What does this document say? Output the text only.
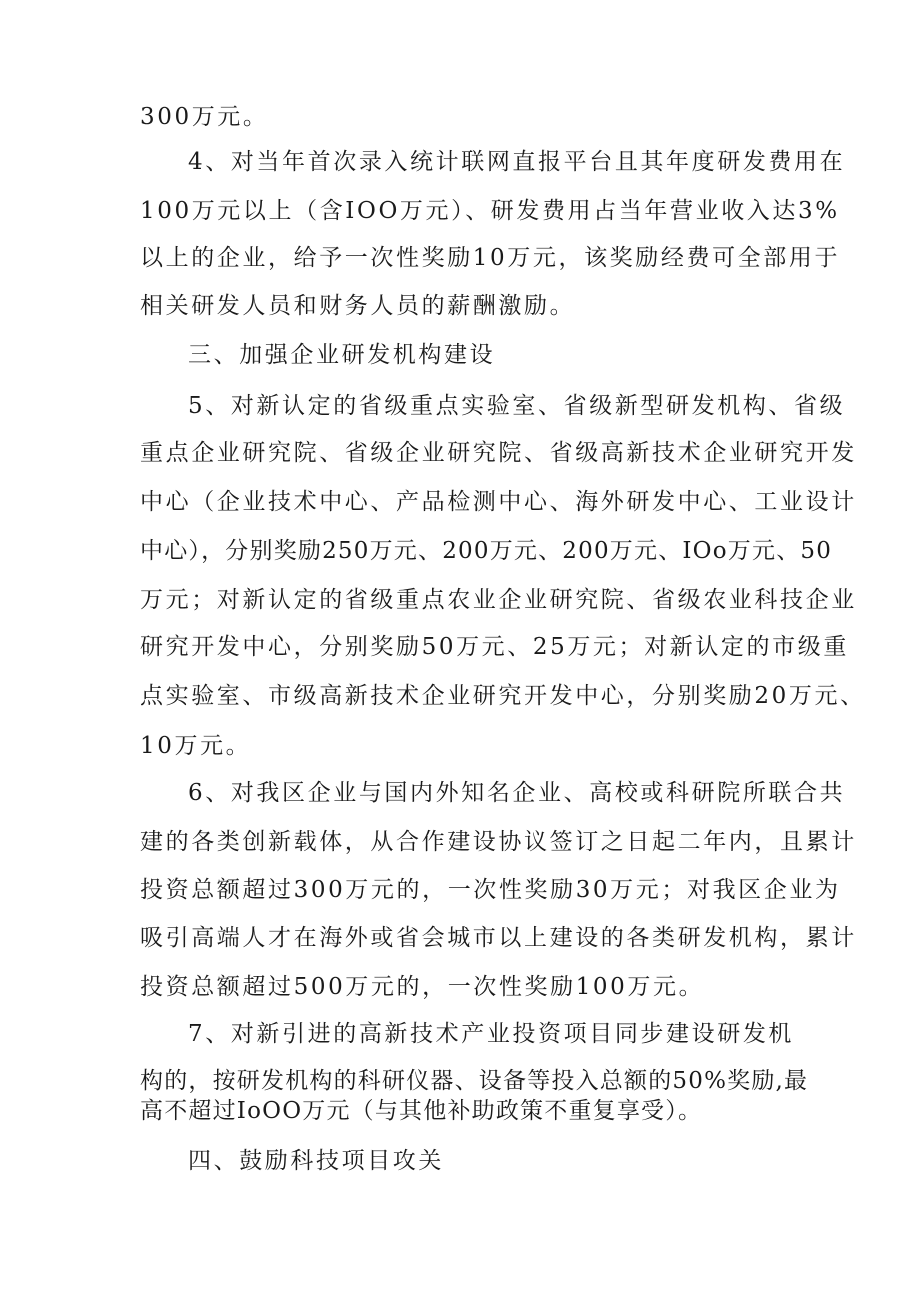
300万元。
4、对当年首次录入统计联网直报平台且其年度研发费用在
100万元以上（含IOO万元）、研发费用占当年营业收入达3%
以上的企业，给予一次性奖励10万元，该奖励经费可全部用于
相关研发人员和财务人员的薪酬激励。
三、加强企业研发机构建设
5、对新认定的省级重点实验室、省级新型研发机构、省级
重点企业研究院、省级企业研究院、省级高新技术企业研究开发
中心（企业技术中心、产品检测中心、海外研发中心、工业设计
中心），分别奖励250万元、200万元、200万元、IOo万元、50
万元；对新认定的省级重点农业企业研究院、省级农业科技企业
研究开发中心，分别奖励50万元、25万元；对新认定的市级重
点实验室、市级高新技术企业研究开发中心，分别奖励20万元、
10万元。
6、对我区企业与国内外知名企业、高校或科研院所联合共
建的各类创新载体，从合作建设协议签订之日起二年内，且累计
投资总额超过300万元的，一次性奖励30万元；对我区企业为
吸引高端人才在海外或省会城市以上建设的各类研发机构，累计
投资总额超过500万元的，一次性奖励100万元。
7、对新引进的高新技术产业投资项目同步建设研发机
构的，按研发机构的科研仪器、设备等投入总额的50%奖励,最
高不超过IoOO万元（与其他补助政策不重复享受）。
四、鼓励科技项目攻关
